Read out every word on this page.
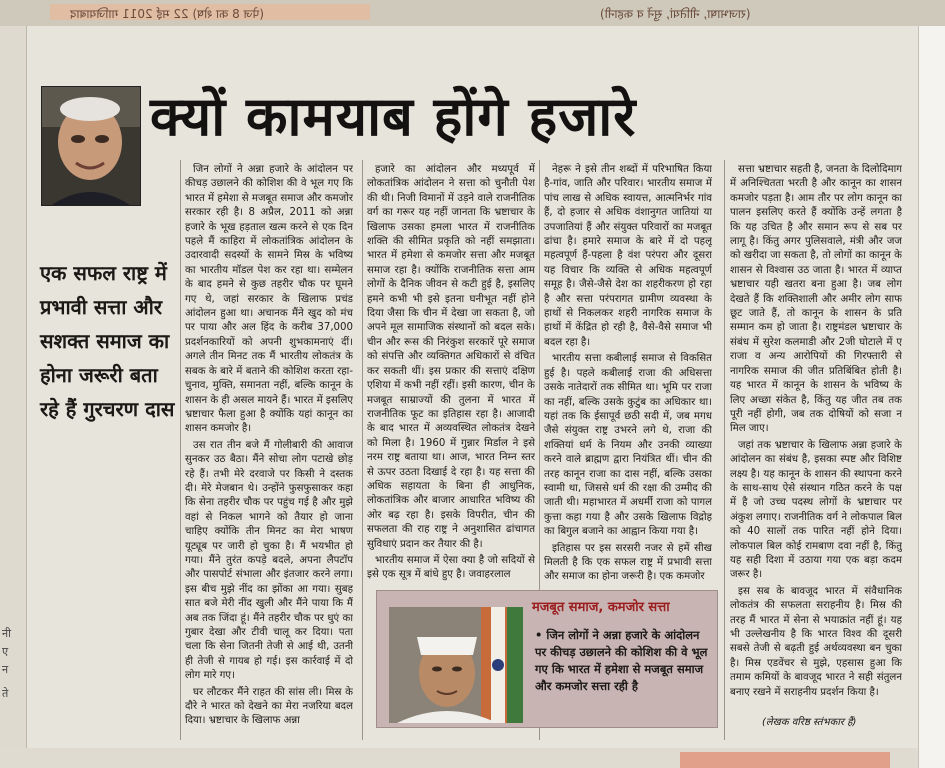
(पेज 8 का शेष) 22 मई 2011 गाजियाबाद	(राजभाषा, नीतियां, सुनें व कहानी)
नी
ए
न
ते
क्यों कामयाब होंगे हजारे
एक सफल राष्ट्र में प्रभावी सत्ता और सशक्त समाज का होना जरूरी बता रहे हैं गुरचरण दास

जिन लोगों ने अन्ना हजारे के आंदोलन पर कीचड़ उछालने की कोशिश की वे भूल गए कि भारत में हमेशा से मजबूत समाज और कमजोर सरकार रही है। 8 अप्रैल, 2011 को अन्ना हजारे के भूख हड़ताल खत्म करने से एक दिन पहले मैं काहिरा में लोकतांत्रिक आंदोलन के उदारवादी सदस्यों के सामने मिस्र के भविष्य का भारतीय मॉडल पेश कर रहा था। सम्मेलन के बाद हमने से कुछ तहरीर चौक पर घूमने गए थे, जहां सरकार के खिलाफ प्रचंड आंदोलन हुआ था। अचानक मैंने खुद को मंच पर पाया और अल हिंद के करीब 37,000 प्रदर्शनकारियों को अपनी शुभकामनाएं दीं। अगले तीन मिनट तक मैं भारतीय लोकतंत्र के सबक के बारे में बताने की कोशिश करता रहा-चुनाव, मुक्ति, समानता नहीं, बल्कि कानून के शासन के ही असल मायने हैं। भारत में इसलिए भ्रष्टाचार फैला हुआ है क्योंकि यहां कानून का शासन कमजोर है।

उस रात तीन बजे मैं गोलीबारी की आवाज सुनकर उठ बैठा। मैंने सोचा लोग पटाखे छोड़ रहे हैं। तभी मेरे दरवाजे पर किसी ने दस्तक दी। मेरे मेजबान थे। उन्होंने फुसफुसाकर कहा कि सेना तहरीर चौक पर पहुंच गई है और मुझे वहां से निकल भागने को तैयार हो जाना चाहिए क्योंकि तीन मिनट का मेरा भाषण यूट्यूब पर जारी हो चुका है। मैं भयभीत हो गया। मैंने तुरंत कपड़े बदले, अपना लैपटॉप और पासपोर्ट संभाला और इंतजार करने लगा। इस बीच मुझे नींद का झोंका आ गया। सुबह सात बजे मेरी नींद खुली और मैंने पाया कि मैं अब तक जिंदा हूं। मैंने तहरीर चौक पर धुएं का गुबार देखा और टीवी चालू कर दिया। पता चला कि सेना जितनी तेजी से आई थी, उतनी ही तेजी से गायब हो गई। इस कार्रवाई में दो लोग मारे गए।

घर लौटकर मैंने राहत की सांस ली। मिस्र के दौरे ने भारत को देखने का मेरा नजरिया बदल दिया। भ्रष्टाचार के खिलाफ अन्ना

हजारे का आंदोलन और मध्यपूर्व में लोकतांत्रिक आंदोलन ने सत्ता को चुनौती पेश की थी। निजी विमानों में उड़ने वाले राजनीतिक वर्ग का गरूर यह नहीं जानता कि भ्रष्टाचार के खिलाफ उसका हमला भारत में राजनीतिक शक्ति की सीमित प्रकृति को नहीं समझाता। भारत में हमेशा से कमजोर सत्ता और मजबूत समाज रहा है। क्योंकि राजनीतिक सत्ता आम लोगों के दैनिक जीवन से कटी हुई है, इसलिए हमने कभी भी इसे इतना घनीभूत नहीं होने दिया जैसा कि चीन में देखा जा सकता है, जो अपने मूल सामाजिक संस्थानों को बदल सके। चीन और रूस की निरंकुश सरकारें पूरे समाज को संपत्ति और व्यक्तिगत अधिकारों से वंचित कर सकती थीं। इस प्रकार की सत्ताएं दक्षिण एशिया में कभी नहीं रहीं। इसी कारण, चीन के मजबूत साम्राज्यों की तुलना में भारत में राजनीतिक फूट का इतिहास रहा है। आजादी के बाद भारत में अव्यवस्थित लोकतंत्र देखने को मिला है। 1960 में गुन्नार मिर्डाल ने इसे नरम राष्ट्र बताया था। आज, भारत निम्न स्तर से ऊपर उठता दिखाई दे रहा है। यह सत्ता की अधिक सहायता के बिना ही आधुनिक, लोकतांत्रिक और बाजार आधारित भविष्य की ओर बढ़ रहा है। इसके विपरीत, चीन की सफलता की राह राष्ट्र ने अनुशासित ढांचागत सुविधाएं प्रदान कर तैयार की है।

भारतीय समाज में ऐसा क्या है जो सदियों से इसे एक सूत्र में बांधे हुए है। जवाहरलाल

नेहरू ने इसे तीन शब्दों में परिभाषित किया है-गांव, जाति और परिवार। भारतीय समाज में पांच लाख से अधिक स्वायत्त, आत्मनिर्भर गांव हैं, दो हजार से अधिक वंशानुगत जातियां या उपजातियां हैं और संयुक्त परिवारों का मजबूत ढांचा है। हमारे समाज के बारे में दो पहलू महत्वपूर्ण हैं-पहला है वंश परंपरा और दूसरा यह विचार कि व्यक्ति से अधिक महत्वपूर्ण समूह है। जैसे-जैसे देश का शहरीकरण हो रहा है और सत्ता परंपरागत ग्रामीण व्यवस्था के हाथों से निकलकर शहरी नागरिक समाज के हाथों में केंद्रित हो रही है, वैसे-वैसे समाज भी बदल रहा है।

भारतीय सत्ता कबीलाई समाज से विकसित हुई है। पहले कबीलाई राजा की अधिसत्ता उसके नातेदारों तक सीमित था। भूमि पर राजा का नहीं, बल्कि उसके कुटुंब का अधिकार था। यहां तक कि ईसापूर्व छठी सदी में, जब मगध जैसे संयुक्त राष्ट्र उभरने लगे थे, राजा की शक्तियां धर्म के नियम और उनकी व्याख्या करने वाले ब्राह्मण द्वारा नियंत्रित थीं। चीन की तरह कानून राजा का दास नहीं, बल्कि उसका स्वामी था, जिससे धर्म की रक्षा की उम्मीद की जाती थी। महाभारत में अधर्मी राजा को पागल कुत्ता कहा गया है और उसके खिलाफ विद्रोह का बिगुल बजाने का आह्वान किया गया है।

इतिहास पर इस सरसरी नजर से हमें सीख मिलती है कि एक सफल राष्ट्र में प्रभावी सत्ता और समाज का होना जरूरी है। एक कमजोर

सत्ता भ्रष्टाचार सहती है, जनता के दिलोदिमाग में अनिश्चितता भरती है और कानून का शासन कमजोर पड़ता है। आम तौर पर लोग कानून का पालन इसलिए करते हैं क्योंकि उन्हें लगता है कि यह उचित है और समान रूप से सब पर लागू है। किंतु अगर पुलिसवाले, मंत्री और जज को खरीदा जा सकता है, तो लोगों का कानून के शासन से विश्वास उठ जाता है। भारत में व्याप्त भ्रष्टाचार यही खतरा बना हुआ है। जब लोग देखते हैं कि शक्तिशाली और अमीर लोग साफ छूट जाते हैं, तो कानून के शासन के प्रति सम्मान कम हो जाता है। राष्ट्रमंडल भ्रष्टाचार के संबंध में सुरेश कलमाडी और 2जी घोटाले में ए राजा व अन्य आरोपियों की गिरफ्तारी से नागरिक समाज की जीत प्रतिबिंबित होती है। यह भारत में कानून के शासन के भविष्य के लिए अच्छा संकेत है, किंतु यह जीत तब तक पूरी नहीं होगी, जब तक दोषियों को सजा न मिल जाए।

जहां तक भ्रष्टाचार के खिलाफ अन्ना हजारे के आंदोलन का संबंध है, इसका स्पष्ट और विशिष्ट लक्ष्य है। यह कानून के शासन की स्थापना करने के साथ-साथ ऐसे संस्थान गठित करने के पक्ष में है जो उच्च पदस्थ लोगों के भ्रष्टाचार पर अंकुश लगाए। राजनीतिक वर्ग ने लोकपाल बिल को 40 सालों तक पारित नहीं होने दिया। लोकपाल बिल कोई रामबाण दवा नहीं है, किंतु यह सही दिशा में उठाया गया एक बड़ा कदम जरूर है।

इस सब के बावजूद भारत में संवैधानिक लोकतंत्र की सफलता सराहनीय है। मिस्र की तरह मैं भारत में सेना से भयाक्रांत नहीं हूं। यह भी उल्लेखनीय है कि भारत विश्व की दूसरी सबसे तेजी से बढ़ती हुई अर्थव्यवस्था बन चुका है। मिस्र एडवेंचर से मुझे, एहसास हुआ कि तमाम कमियों के बावजूद भारत ने सही संतुलन बनाए रखने में सराहनीय प्रदर्शन किया है।

मजबूत समाज, कमजोर सत्ता
• जिन लोगों ने अन्ना हजारे के आंदोलन पर कीचड़ उछालने की कोशिश की वे भूल गए कि भारत में हमेशा से मजबूत समाज और कमजोर सत्ता रही है
(लेखक वरिष्ठ स्तंभकार हैं)
